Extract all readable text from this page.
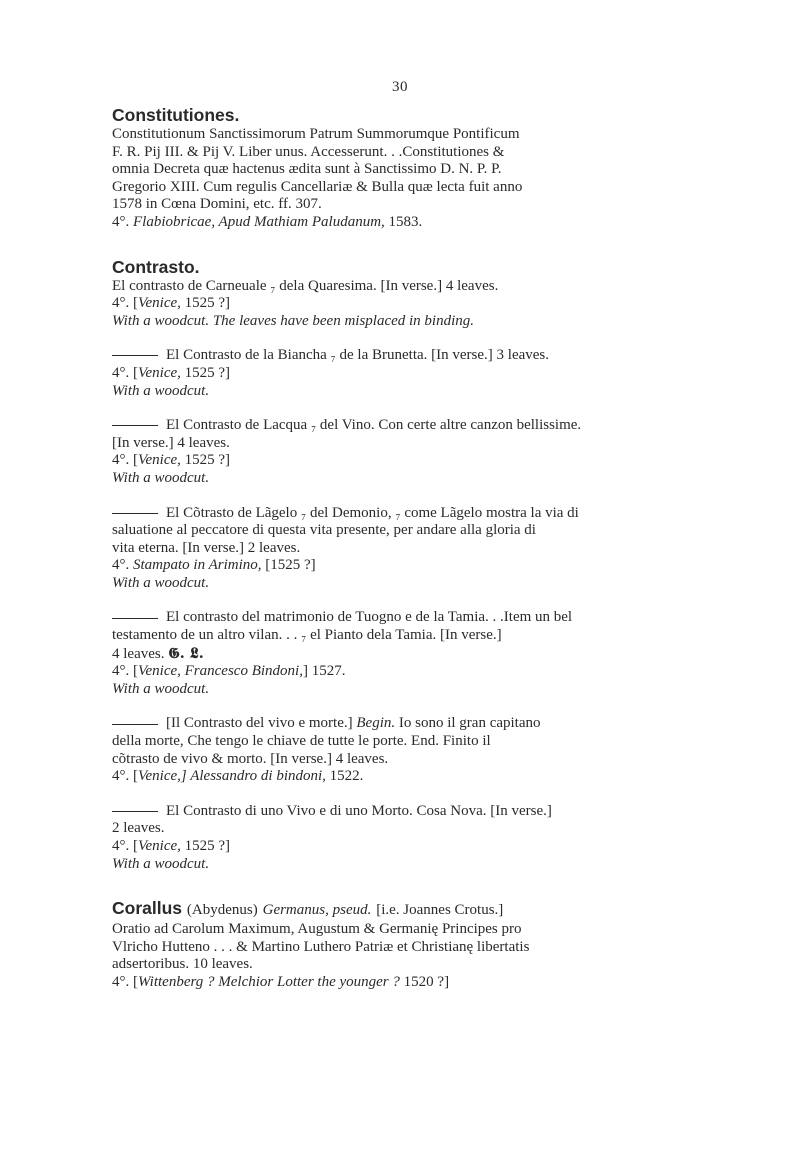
30
Constitutiones.

Constitutionum Sanctissimorum Patrum Summorumque Pontificum

F. R. Pij III. & Pij V. Liber unus. Accesserunt. . .Constitutiones &

omnia Decreta quæ hactenus ædita sunt à Sanctissimo D. N. P. P.

Gregorio XIII. Cum regulis Cancellariæ & Bulla quæ lecta fuit anno

1578 in Cœna Domini, etc. ff. 307.

4°. Flabiobricae, Apud Mathiam Paludanum, 1583.

Contrasto.

El contrasto de Carneuale ₇ dela Quaresima. [In verse.] 4 leaves.

4°. [Venice, 1525 ?]

With a woodcut. The leaves have been misplaced in binding.

El Contrasto de la Biancha ₇ de la Brunetta. [In verse.] 3 leaves.

4°. [Venice, 1525 ?]

With a woodcut.

El Contrasto de Lacqua ₇ del Vino. Con certe altre canzon bellissime.

[In verse.] 4 leaves.

4°. [Venice, 1525 ?]

With a woodcut.

El Cõtrasto de Lãgelo ₇ del Demonio, ₇ come Lãgelo mostra la via di

saluatione al peccatore di questa vita presente, per andare alla gloria di

vita eterna. [In verse.] 2 leaves.

4°. Stampato in Arimino, [1525 ?]

With a woodcut.

El contrasto del matrimonio de Tuogno e de la Tamia. . .Item un bel

testamento de un altro vilan. . . ₇ el Pianto dela Tamia. [In verse.]

4 leaves. 𝕲. 𝕷.

4°. [Venice, Francesco Bindoni,] 1527.

With a woodcut.

[Il Contrasto del vivo e morte.] Begin. Io sono il gran capitano

della morte, Che tengo le chiave de tutte le porte. End. Finito il

cõtrasto de vivo & morto. [In verse.] 4 leaves.

4°. [Venice,] Alessandro di bindoni, 1522.

El Contrasto di uno Vivo e di uno Morto. Cosa Nova. [In verse.]

2 leaves.

4°. [Venice, 1525 ?]

With a woodcut.

Corallus (Abydenus) Germanus, pseud. [i.e. Joannes Crotus.]

Oratio ad Carolum Maximum, Augustum & Germanię Principes pro

Vlricho Hutteno . . . & Martino Luthero Patriæ et Christianę libertatis

adsertoribus. 10 leaves.

4°. [Wittenberg ? Melchior Lotter the younger ? 1520 ?]
